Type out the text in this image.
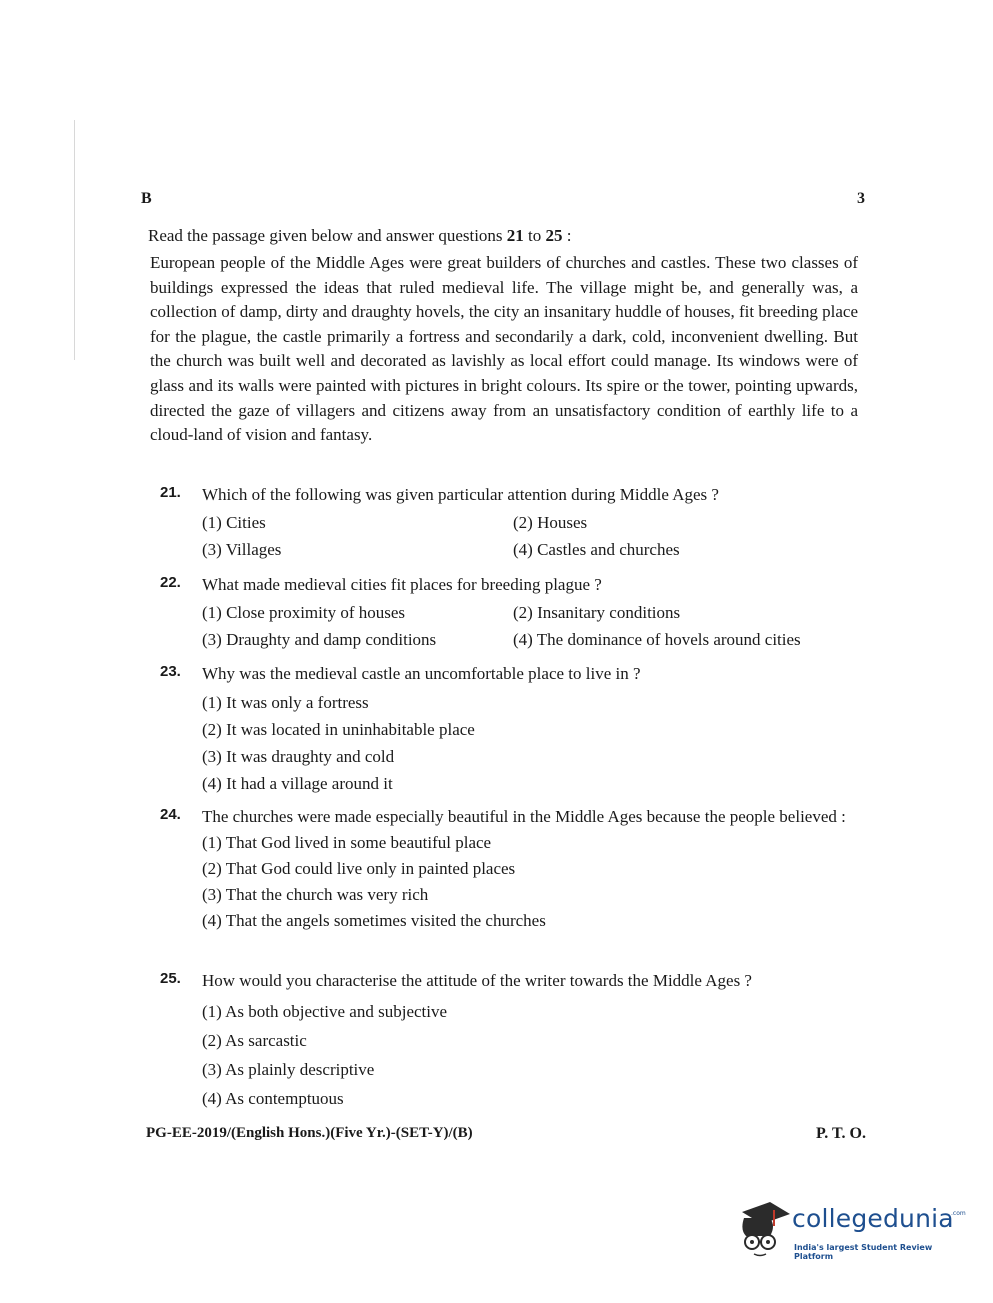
B	3
Read the passage given below and answer questions 21 to 25 :
European people of the Middle Ages were great builders of churches and castles. These two classes of buildings expressed the ideas that ruled medieval life. The village might be, and generally was, a collection of damp, dirty and draughty hovels, the city an insanitary huddle of houses, fit breeding place for the plague, the castle primarily a fortress and secondarily a dark, cold, inconvenient dwelling. But the church was built well and decorated as lavishly as local effort could manage. Its windows were of glass and its walls were painted with pictures in bright colours. Its spire or the tower, pointing upwards, directed the gaze of villagers and citizens away from an unsatisfactory condition of earthly life to a cloud-land of vision and fantasy.
21. Which of the following was given particular attention during Middle Ages ?
(1) Cities	(2) Houses
(3) Villages	(4) Castles and churches
22. What made medieval cities fit places for breeding plague ?
(1) Close proximity of houses	(2) Insanitary conditions
(3) Draughty and damp conditions	(4) The dominance of hovels around cities
23. Why was the medieval castle an uncomfortable place to live in ?
(1) It was only a fortress
(2) It was located in uninhabitable place
(3) It was draughty and cold
(4) It had a village around it
24. The churches were made especially beautiful in the Middle Ages because the people believed :
(1) That God lived in some beautiful place
(2) That God could live only in painted places
(3) That the church was very rich
(4) That the angels sometimes visited the churches
25. How would you characterise the attitude of the writer towards the Middle Ages ?
(1) As both objective and subjective
(2) As sarcastic
(3) As plainly descriptive
(4) As contemptuous
PG-EE-2019/(English Hons.)(Five Yr.)-(SET-Y)/(B)	P. T. O.
collegedunia
.com
India's largest Student Review Platform
